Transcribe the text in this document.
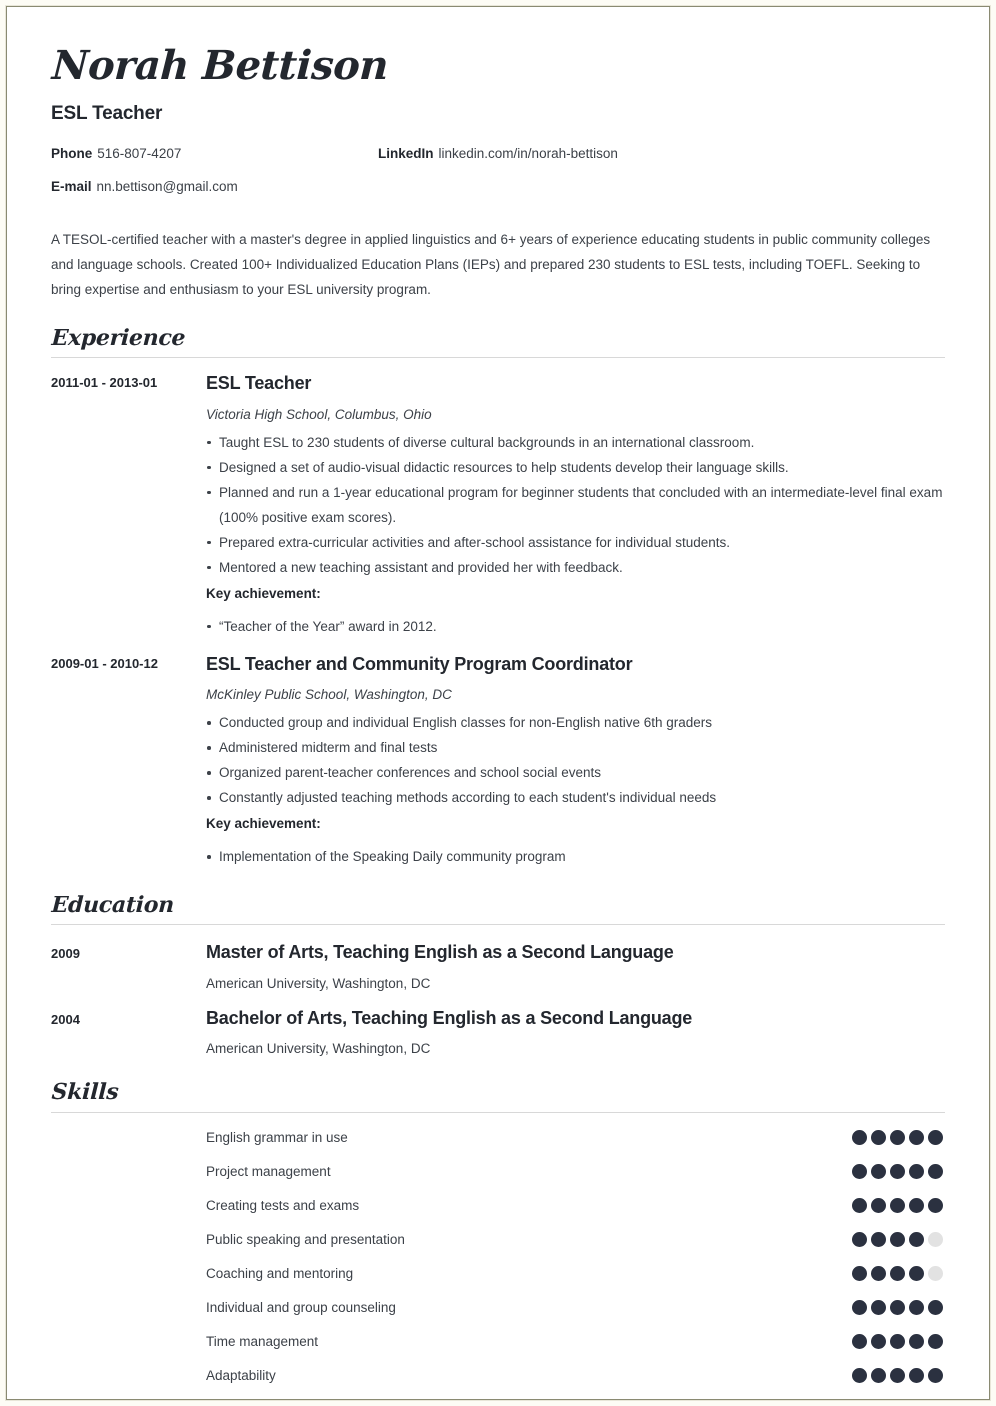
Norah Bettison
ESL Teacher
Phone 516-807-4207	LinkedIn linkedin.com/in/norah-bettison
E-mail nn.bettison@gmail.com
A TESOL-certified teacher with a master's degree in applied linguistics and 6+ years of experience educating students in public community colleges and language schools. Created 100+ Individualized Education Plans (IEPs) and prepared 230 students to ESL tests, including TOEFL. Seeking to bring expertise and enthusiasm to your ESL university program.
Experience
2011-01 - 2013-01	ESL Teacher
Victoria High School, Columbus, Ohio
Taught ESL to 230 students of diverse cultural backgrounds in an international classroom.
Designed a set of audio-visual didactic resources to help students develop their language skills.
Planned and run a 1-year educational program for beginner students that concluded with an intermediate-level final exam (100% positive exam scores).
Prepared extra-curricular activities and after-school assistance for individual students.
Mentored a new teaching assistant and provided her with feedback.
Key achievement:
“Teacher of the Year” award in 2012.
2009-01 - 2010-12	ESL Teacher and Community Program Coordinator
McKinley Public School, Washington, DC
Conducted group and individual English classes for non-English native 6th graders
Administered midterm and final tests
Organized parent-teacher conferences and school social events
Constantly adjusted teaching methods according to each student's individual needs
Key achievement:
Implementation of the Speaking Daily community program
Education
2009	Master of Arts, Teaching English as a Second Language
American University, Washington, DC
2004	Bachelor of Arts, Teaching English as a Second Language
American University, Washington, DC
Skills
English grammar in use
Project management
Creating tests and exams
Public speaking and presentation
Coaching and mentoring
Individual and group counseling
Time management
Adaptability
